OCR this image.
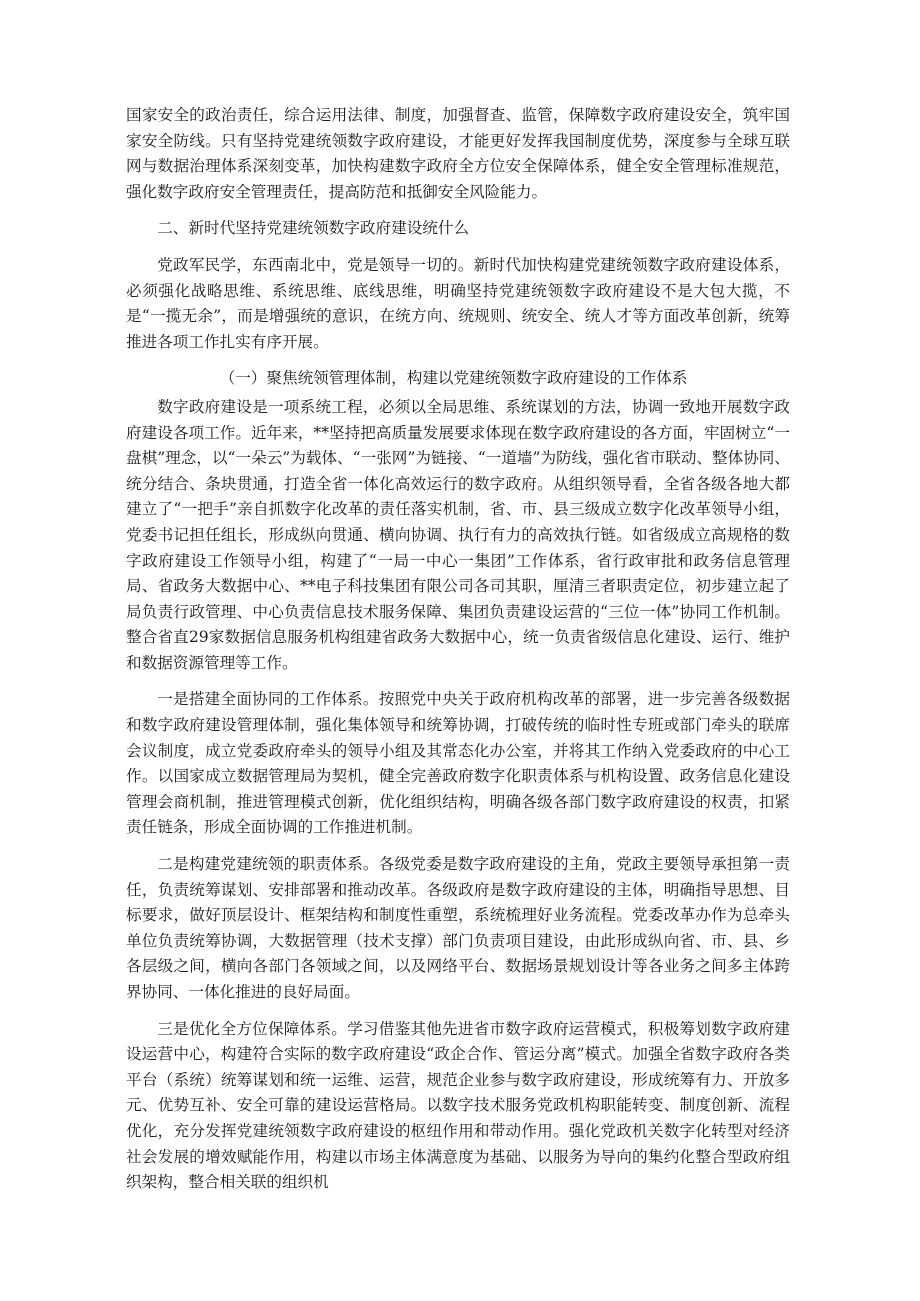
国家安全的政治责任，综合运用法律、制度，加强督查、监管，保障数字政府建设安全，筑牢国家安全防线。只有坚持党建统领数字政府建设，才能更好发挥我国制度优势，深度参与全球互联网与数据治理体系深刻变革，加快构建数字政府全方位安全保障体系，健全安全管理标准规范，强化数字政府安全管理责任，提高防范和抵御安全风险能力。

二、新时代坚持党建统领数字政府建设统什么

党政军民学，东西南北中，党是领导一切的。新时代加快构建党建统领数字政府建设体系，必须强化战略思维、系统思维、底线思维，明确坚持党建统领数字政府建设不是大包大揽，不是“一揽无余”，而是增强统的意识，在统方向、统规则、统安全、统人才等方面改革创新，统筹推进各项工作扎实有序开展。

（一）聚焦统领管理体制，构建以党建统领数字政府建设的工作体系

数字政府建设是一项系统工程，必须以全局思维、系统谋划的方法，协调一致地开展数字政府建设各项工作。近年来，**坚持把高质量发展要求体现在数字政府建设的各方面，牢固树立“一盘棋”理念，以“一朵云”为载体、“一张网”为链接、“一道墙”为防线，强化省市联动、整体协同、统分结合、条块贯通，打造全省一体化高效运行的数字政府。从组织领导看，全省各级各地大都建立了“一把手”亲自抓数字化改革的责任落实机制，省、市、县三级成立数字化改革领导小组，党委书记担任组长，形成纵向贯通、横向协调、执行有力的高效执行链。如省级成立高规格的数字政府建设工作领导小组，构建了“一局一中心一集团”工作体系，省行政审批和政务信息管理局、省政务大数据中心、**电子科技集团有限公司各司其职，厘清三者职责定位，初步建立起了局负责行政管理、中心负责信息技术服务保障、集团负责建设运营的“三位一体”协同工作机制。整合省直29家数据信息服务机构组建省政务大数据中心，统一负责省级信息化建设、运行、维护和数据资源管理等工作。

一是搭建全面协同的工作体系。按照党中央关于政府机构改革的部署，进一步完善各级数据和数字政府建设管理体制，强化集体领导和统筹协调，打破传统的临时性专班或部门牵头的联席会议制度，成立党委政府牵头的领导小组及其常态化办公室，并将其工作纳入党委政府的中心工作。以国家成立数据管理局为契机，健全完善政府数字化职责体系与机构设置、政务信息化建设管理会商机制，推进管理模式创新，优化组织结构，明确各级各部门数字政府建设的权责，扣紧责任链条，形成全面协调的工作推进机制。

二是构建党建统领的职责体系。各级党委是数字政府建设的主角，党政主要领导承担第一责任，负责统筹谋划、安排部署和推动改革。各级政府是数字政府建设的主体，明确指导思想、目标要求，做好顶层设计、框架结构和制度性重塑，系统梳理好业务流程。党委改革办作为总牵头单位负责统筹协调，大数据管理（技术支撑）部门负责项目建设，由此形成纵向省、市、县、乡各层级之间，横向各部门各领域之间，以及网络平台、数据场景规划设计等各业务之间多主体跨界协同、一体化推进的良好局面。

三是优化全方位保障体系。学习借鉴其他先进省市数字政府运营模式，积极筹划数字政府建设运营中心，构建符合实际的数字政府建设“政企合作、管运分离”模式。加强全省数字政府各类平台（系统）统筹谋划和统一运维、运营，规范企业参与数字政府建设，形成统筹有力、开放多元、优势互补、安全可靠的建设运营格局。以数字技术服务党政机构职能转变、制度创新、流程优化，充分发挥党建统领数字政府建设的枢纽作用和带动作用。强化党政机关数字化转型对经济社会发展的增效赋能作用，构建以市场主体满意度为基础、以服务为导向的集约化整合型政府组织架构，整合相关联的组织机
